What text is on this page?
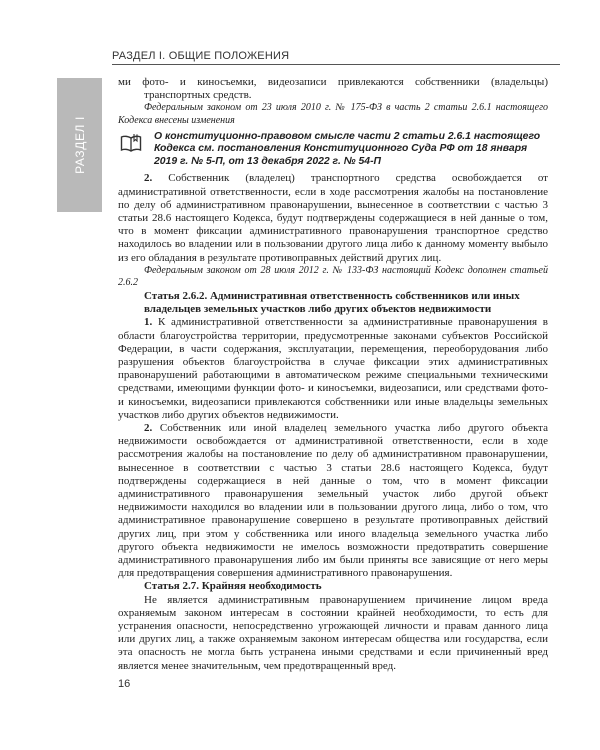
РАЗДЕЛ I. ОБЩИЕ ПОЛОЖЕНИЯ
РАЗДЕЛ I

ми фото- и киносъемки, видеозаписи привлекаются собственники (владельцы) транспортных средств.

Федеральным законом от 23 июля 2010 г. № 175-ФЗ в часть 2 статьи 2.6.1 настоящего Кодекса внесены изменения

О конституционно-правовом смысле части 2 статьи 2.6.1 настоящего Кодекса см. постановления Конституционного Суда РФ от 18 января 2019 г. № 5-П, от 13 декабря 2022 г. № 54-П

2. Собственник (владелец) транспортного средства освобождается от административной ответственности, если в ходе рассмотрения жалобы на постановление по делу об административном правонарушении, вынесенное в соответствии с частью 3 статьи 28.6 настоящего Кодекса, будут подтверждены содержащиеся в ней данные о том, что в момент фиксации административного правонарушения транспортное средство находилось во владении или в пользовании другого лица либо к данному моменту выбыло из его обладания в результате противоправных действий других лиц.

Федеральным законом от 28 июля 2012 г. № 133-ФЗ настоящий Кодекс дополнен статьей 2.6.2

Статья 2.6.2. Административная ответственность собственников или иных владельцев земельных участков либо других объектов недвижимости

1. К административной ответственности за административные правонарушения в области благоустройства территории, предусмотренные законами субъектов Российской Федерации, в части содержания, эксплуатации, перемещения, переоборудования либо разрушения объектов благоустройства в случае фиксации этих административных правонарушений работающими в автоматическом режиме специальными техническими средствами, имеющими функции фото- и киносъемки, видеозаписи, или средствами фото- и киносъемки, видеозаписи привлекаются собственники или иные владельцы земельных участков либо других объектов недвижимости.

2. Собственник или иной владелец земельного участка либо другого объекта недвижимости освобождается от административной ответственности, если в ходе рассмотрения жалобы на постановление по делу об административном правонарушении, вынесенное в соответствии с частью 3 статьи 28.6 настоящего Кодекса, будут подтверждены содержащиеся в ней данные о том, что в момент фиксации административного правонарушения земельный участок либо другой объект недвижимости находился во владении или в пользовании другого лица, либо о том, что административное правонарушение совершено в результате противоправных действий других лиц, при этом у собственника или иного владельца земельного участка либо другого объекта недвижимости не имелось возможности предотвратить совершение административного правонарушения либо им были приняты все зависящие от него меры для предотвращения совершения административного правонарушения.

Статья 2.7. Крайняя необходимость

Не является административным правонарушением причинение лицом вреда охраняемым законом интересам в состоянии крайней необходимости, то есть для устранения опасности, непосредственно угрожающей личности и правам данного лица или других лиц, а также охраняемым законом интересам общества или государства, если эта опасность не могла быть устранена иными средствами и если причиненный вред является менее значительным, чем предотвращенный вред.

16
